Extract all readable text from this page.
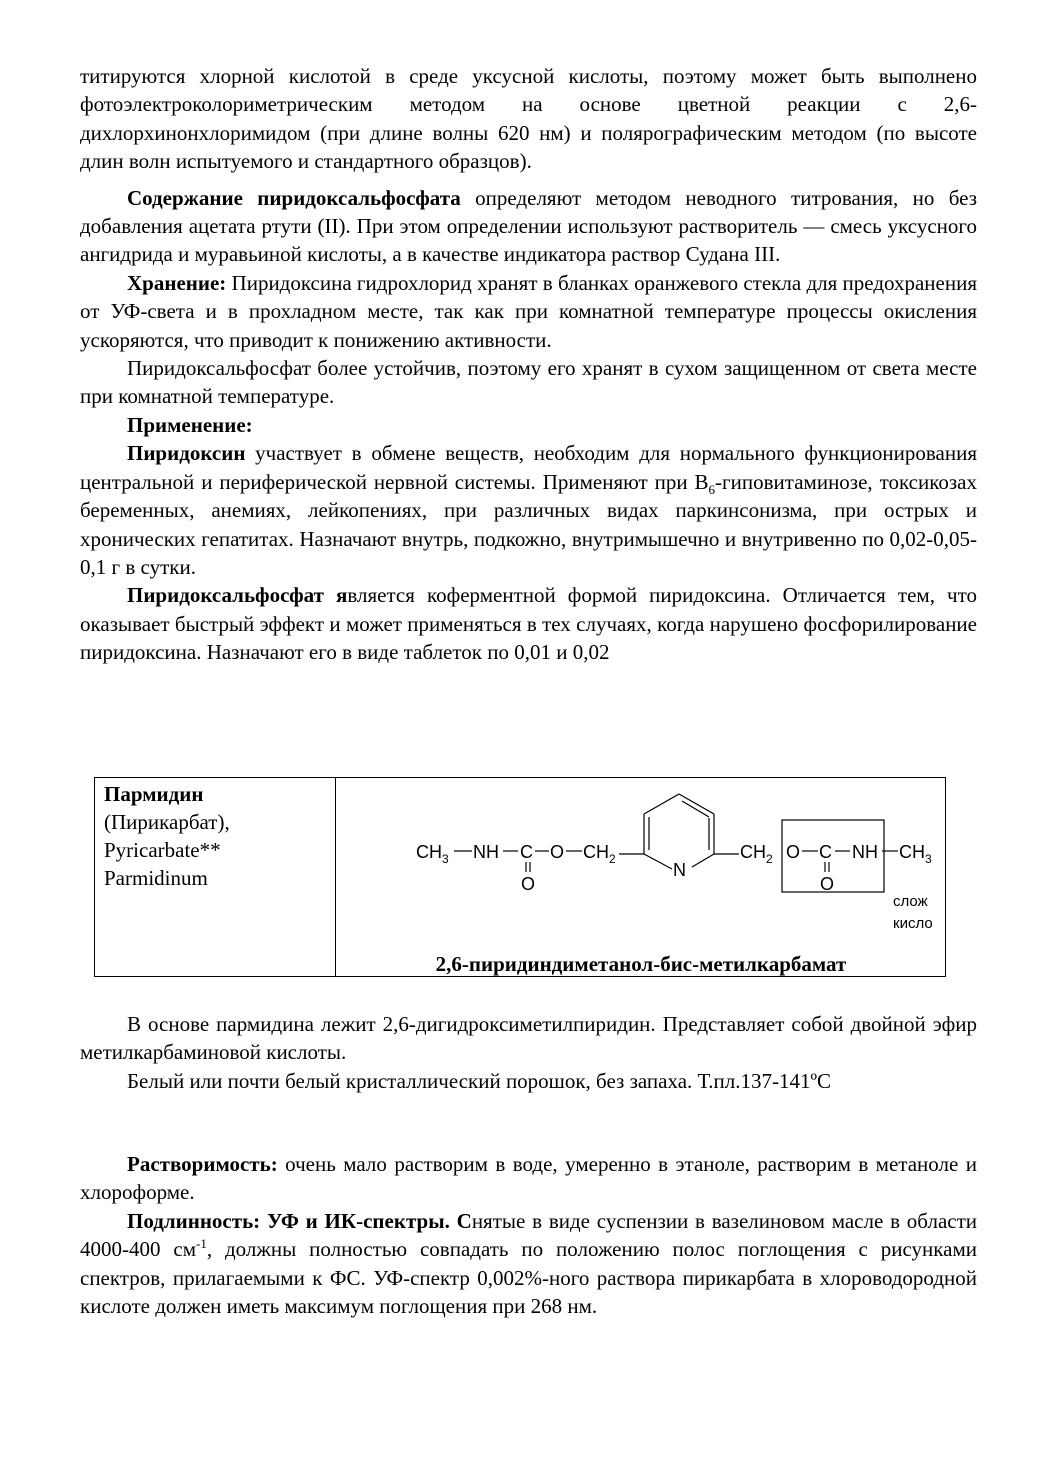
титируются хлорной кислотой в среде уксусной кислоты, поэтому может быть выполнено фотоэлектроколориметрическим методом на основе цветной реакции с 2,6-дихлорхинонхлоримидом (при длине волны 620 нм) и полярографическим методом (по высоте длин волн испытуемого и стандартного образцов).

Содержание пиридоксальфосфата определяют методом неводного титрования, но без добавления ацетата ртути (II). При этом определении используют растворитель — смесь уксусного ангидрида и муравьиной кислоты, а в качестве индикатора раствор Судана III.

Хранение: Пиридоксина гидрохлорид хранят в бланках оранжевого стекла для предохранения от УФ-света и в прохладном месте, так как при комнатной температуре процессы окисления ускоряются, что приводит к понижению активности.

Пиридоксальфосфат более устойчив, поэтому его хранят в сухом защищенном от света месте при комнатной температуре.

Применение:

Пиридоксин участвует в обмене веществ, необходим для нормального функционирования центральной и периферической нервной системы. Применяют при $B_6$-гиповитаминозе, токсикозах беременных, анемиях, лейкопениях, при различных видах паркинсонизма, при острых и хронических гепатитах. Назначают внутрь, подкожно, внутримышечно и внутривенно по 0,02-0,05-0,1 г в сутки.

Пиридоксальфосфат является коферментной формой пиридоксина. Отличается тем, что оказывает быстрый эффект и может применяться в тех случаях, когда нарушено фосфорилирование пиридоксина. Назначают его в виде таблеток по 0,01 и 0,02

Пармидин
(Пирикарбат),
Pyricarbate**
Parmidinum
$CH_3$ NH C
O
O $CH_2$
N
$CH_2$ O C
O
NH $CH_3$
слож
кисло
2,6-пиридиндиметанол-бис-метилкарбамат

В основе пармидина лежит 2,6-дигидроксиметилпиридин. Представляет собой двойной эфир метилкарбаминовой кислоты.

Белый или почти белый кристаллический порошок, без запаха. Т.пл.137-141ºС

Растворимость: очень мало растворим в воде, умеренно в этаноле, растворим в метаноле и хлороформе.

Подлинность: УФ и ИК-спектры. Снятые в виде суспензии в вазелиновом масле в области 4000-400 $см^{-1}$, должны полностью совпадать по положению полос поглощения с рисунками спектров, прилагаемыми к ФС. УФ-спектр 0,002%-ного раствора пирикарбата в хлороводородной кислоте должен иметь максимум поглощения при 268 нм.
